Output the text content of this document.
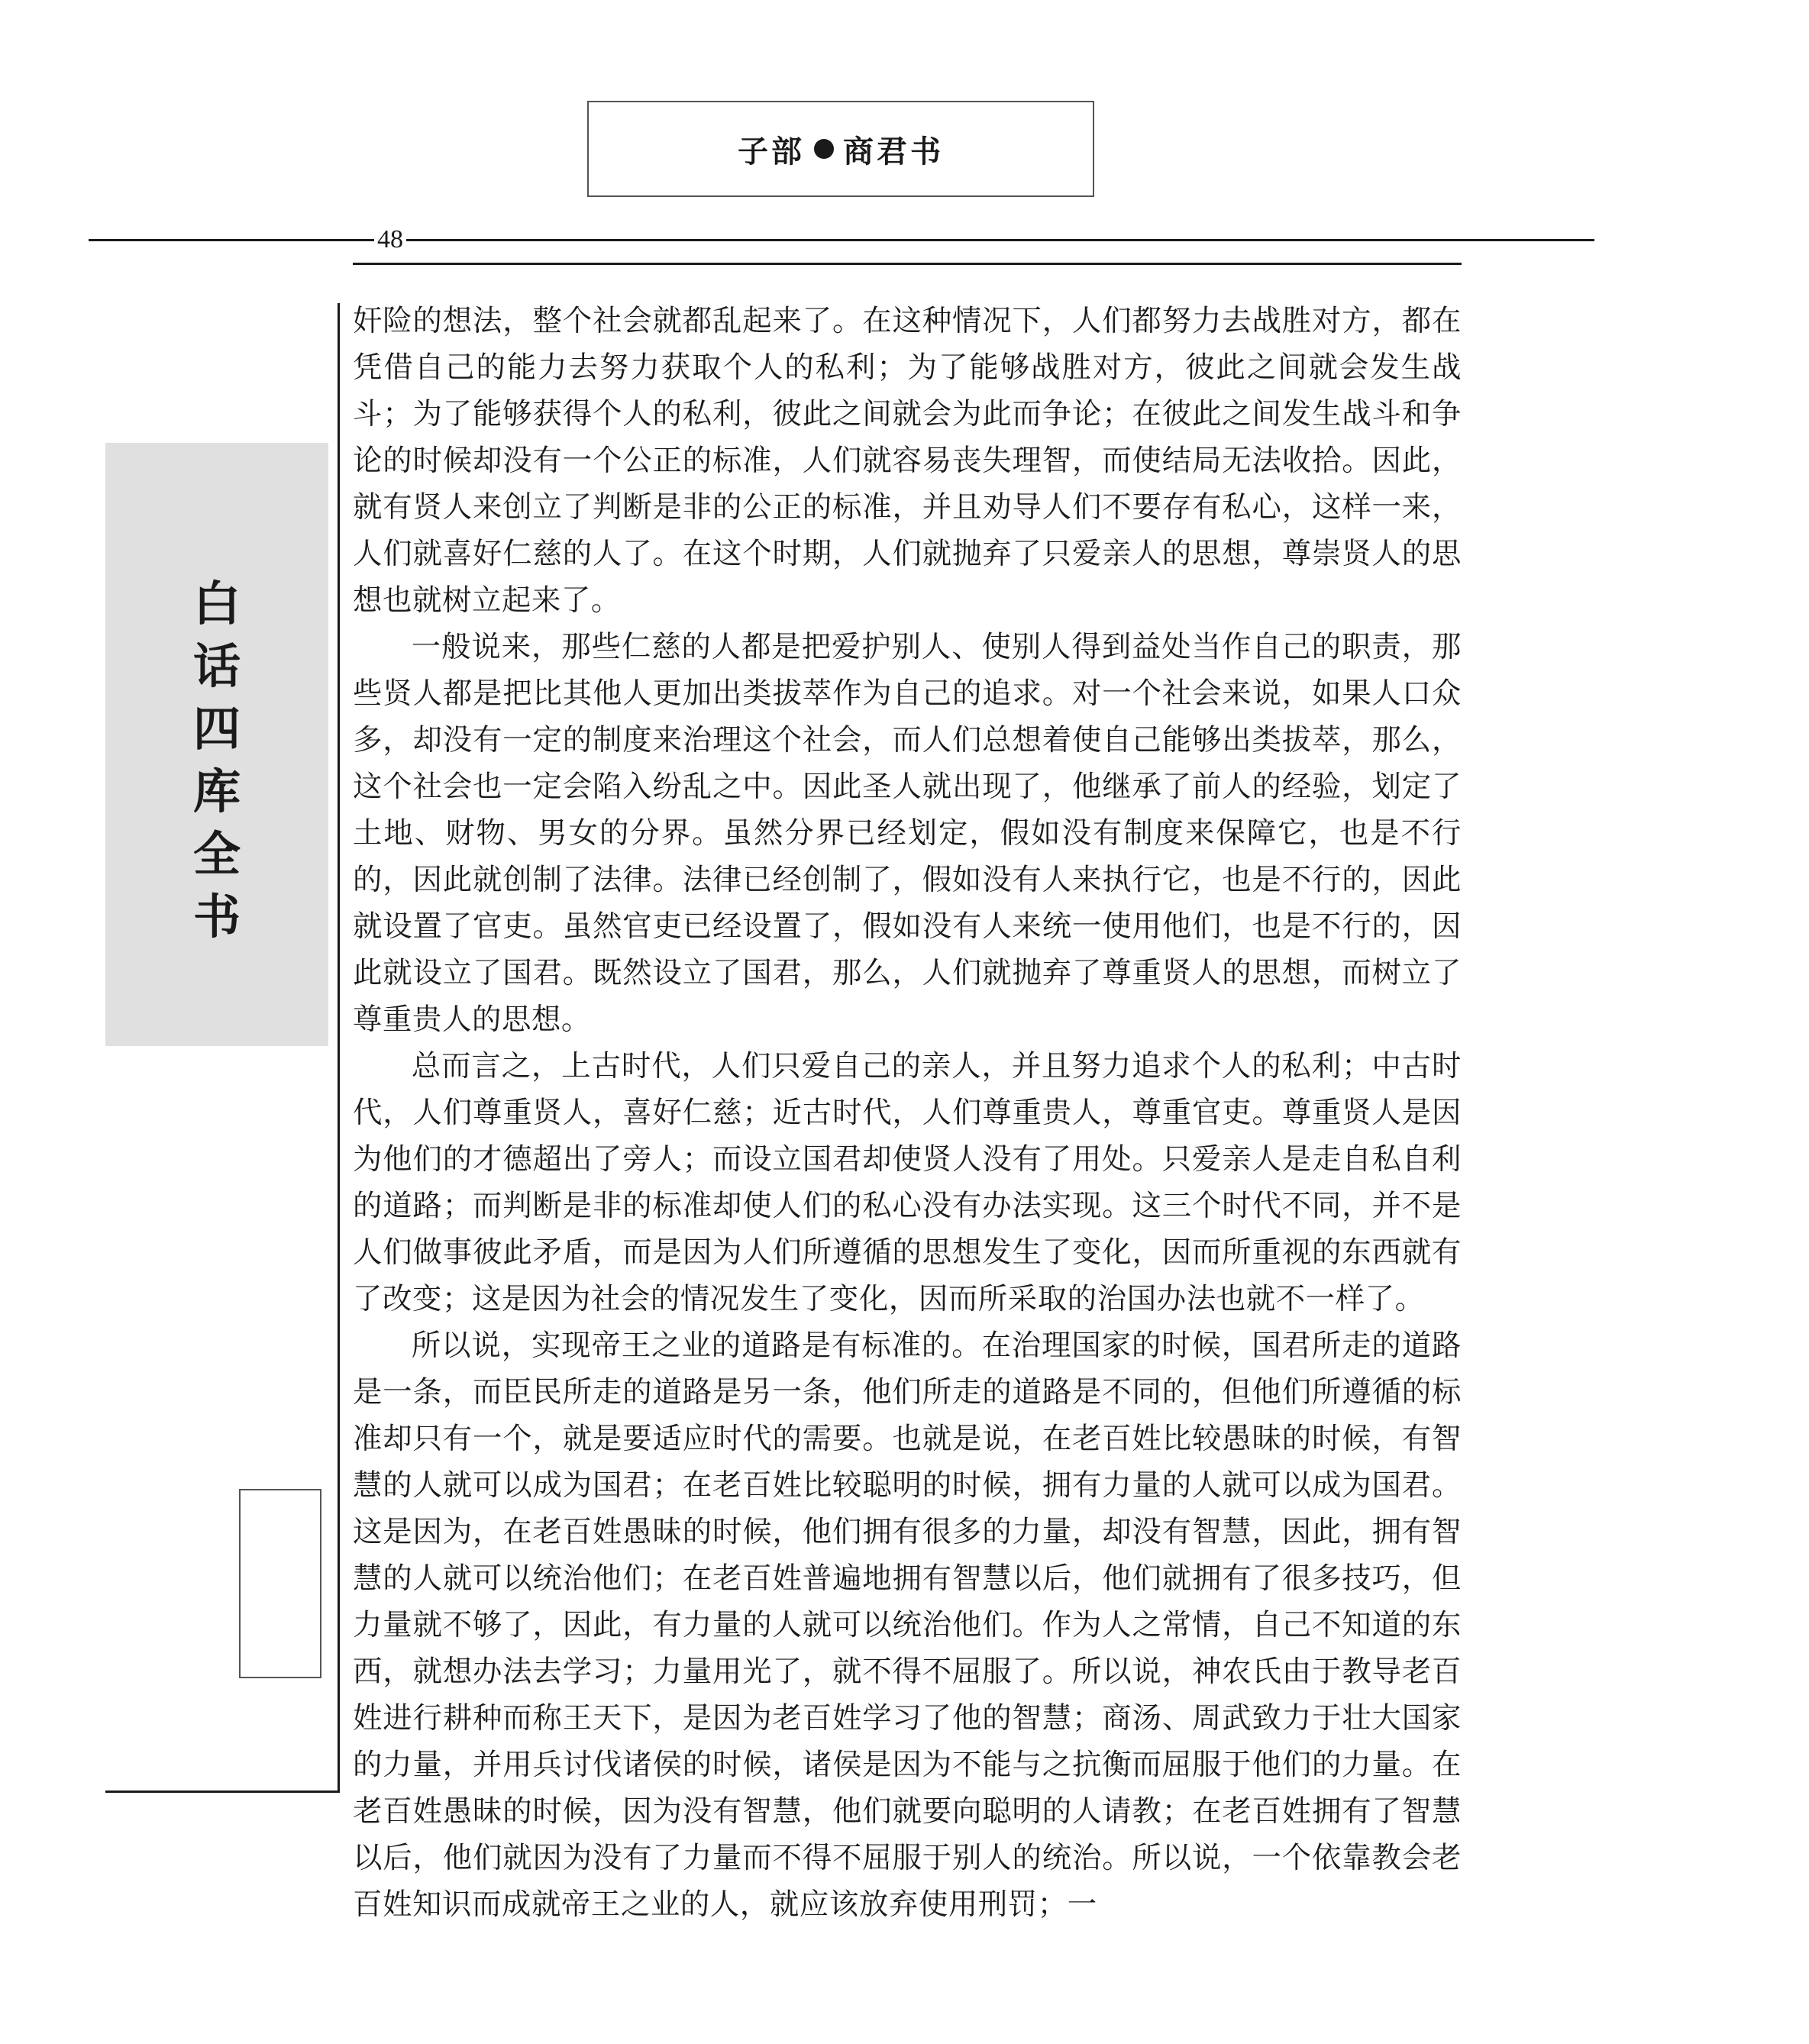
子部 商君书
48
白
话
四
库
全
书

奸险的想法，整个社会就都乱起来了。在这种情况下，人们都努力去战胜对方，都在凭借自己的能力去努力获取个人的私利；为了能够战胜对方，彼此之间就会发生战斗；为了能够获得个人的私利，彼此之间就会为此而争论；在彼此之间发生战斗和争论的时候却没有一个公正的标准，人们就容易丧失理智，而使结局无法收拾。因此，就有贤人来创立了判断是非的公正的标准，并且劝导人们不要存有私心，这样一来，人们就喜好仁慈的人了。在这个时期，人们就抛弃了只爱亲人的思想，尊崇贤人的思想也就树立起来了。

一般说来，那些仁慈的人都是把爱护别人、使别人得到益处当作自己的职责，那些贤人都是把比其他人更加出类拔萃作为自己的追求。对一个社会来说，如果人口众多，却没有一定的制度来治理这个社会，而人们总想着使自己能够出类拔萃，那么，这个社会也一定会陷入纷乱之中。因此圣人就出现了，他继承了前人的经验，划定了土地、财物、男女的分界。虽然分界已经划定，假如没有制度来保障它，也是不行的，因此就创制了法律。法律已经创制了，假如没有人来执行它，也是不行的，因此就设置了官吏。虽然官吏已经设置了，假如没有人来统一使用他们，也是不行的，因此就设立了国君。既然设立了国君，那么，人们就抛弃了尊重贤人的思想，而树立了尊重贵人的思想。

总而言之，上古时代，人们只爱自己的亲人，并且努力追求个人的私利；中古时代，人们尊重贤人，喜好仁慈；近古时代，人们尊重贵人，尊重官吏。尊重贤人是因为他们的才德超出了旁人；而设立国君却使贤人没有了用处。只爱亲人是走自私自利的道路；而判断是非的标准却使人们的私心没有办法实现。这三个时代不同，并不是人们做事彼此矛盾，而是因为人们所遵循的思想发生了变化，因而所重视的东西就有了改变；这是因为社会的情况发生了变化，因而所采取的治国办法也就不一样了。

所以说，实现帝王之业的道路是有标准的。在治理国家的时候，国君所走的道路是一条，而臣民所走的道路是另一条，他们所走的道路是不同的，但他们所遵循的标准却只有一个，就是要适应时代的需要。也就是说，在老百姓比较愚昧的时候，有智慧的人就可以成为国君；在老百姓比较聪明的时候，拥有力量的人就可以成为国君。这是因为，在老百姓愚昧的时候，他们拥有很多的力量，却没有智慧，因此，拥有智慧的人就可以统治他们；在老百姓普遍地拥有智慧以后，他们就拥有了很多技巧，但力量就不够了，因此，有力量的人就可以统治他们。作为人之常情，自己不知道的东西，就想办法去学习；力量用光了，就不得不屈服了。所以说，神农氏由于教导老百姓进行耕种而称王天下，是因为老百姓学习了他的智慧；商汤、周武致力于壮大国家的力量，并用兵讨伐诸侯的时候，诸侯是因为不能与之抗衡而屈服于他们的力量。在老百姓愚昧的时候，因为没有智慧，他们就要向聪明的人请教；在老百姓拥有了智慧以后，他们就因为没有了力量而不得不屈服于别人的统治。所以说，一个依靠教会老百姓知识而成就帝王之业的人，就应该放弃使用刑罚；一
